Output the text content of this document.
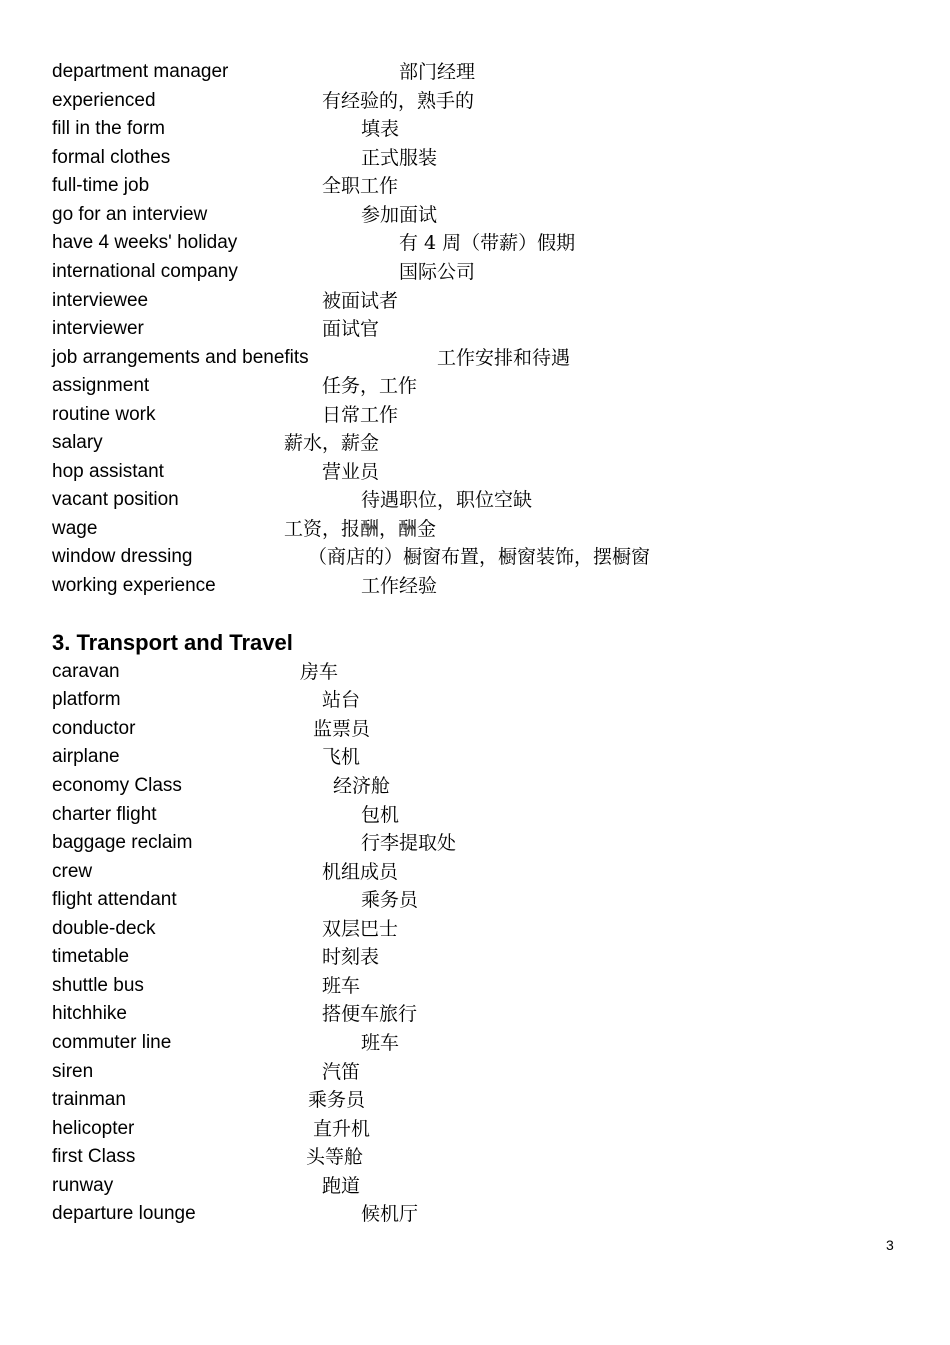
department manager	部门经理
experienced	有经验的，熟手的
fill in the form	填表
formal clothes	正式服装
full-time job	全职工作
go for an interview	参加面试
have 4 weeks' holiday	有 4 周（带薪）假期
international company	国际公司
interviewee	被面试者
interviewer	面试官
job arrangements and benefits	工作安排和待遇
assignment	任务，工作
routine work	日常工作
salary	薪水，薪金
hop assistant	营业员
vacant position	待遇职位，职位空缺
wage	工资，报酬，酬金
window dressing	（商店的）橱窗布置，橱窗装饰，摆橱窗
working experience	工作经验
3. Transport and Travel
caravan	房车
platform	站台
conductor	监票员
airplane	飞机
economy Class	经济舱
charter flight	包机
baggage reclaim	行李提取处
crew	机组成员
flight attendant	乘务员
double-deck	双层巴士
timetable	时刻表
shuttle bus	班车
hitchhike	搭便车旅行
commuter line	班车
siren	汽笛
trainman	乘务员
helicopter	直升机
first Class	头等舱
runway	跑道
departure lounge	候机厅
3
